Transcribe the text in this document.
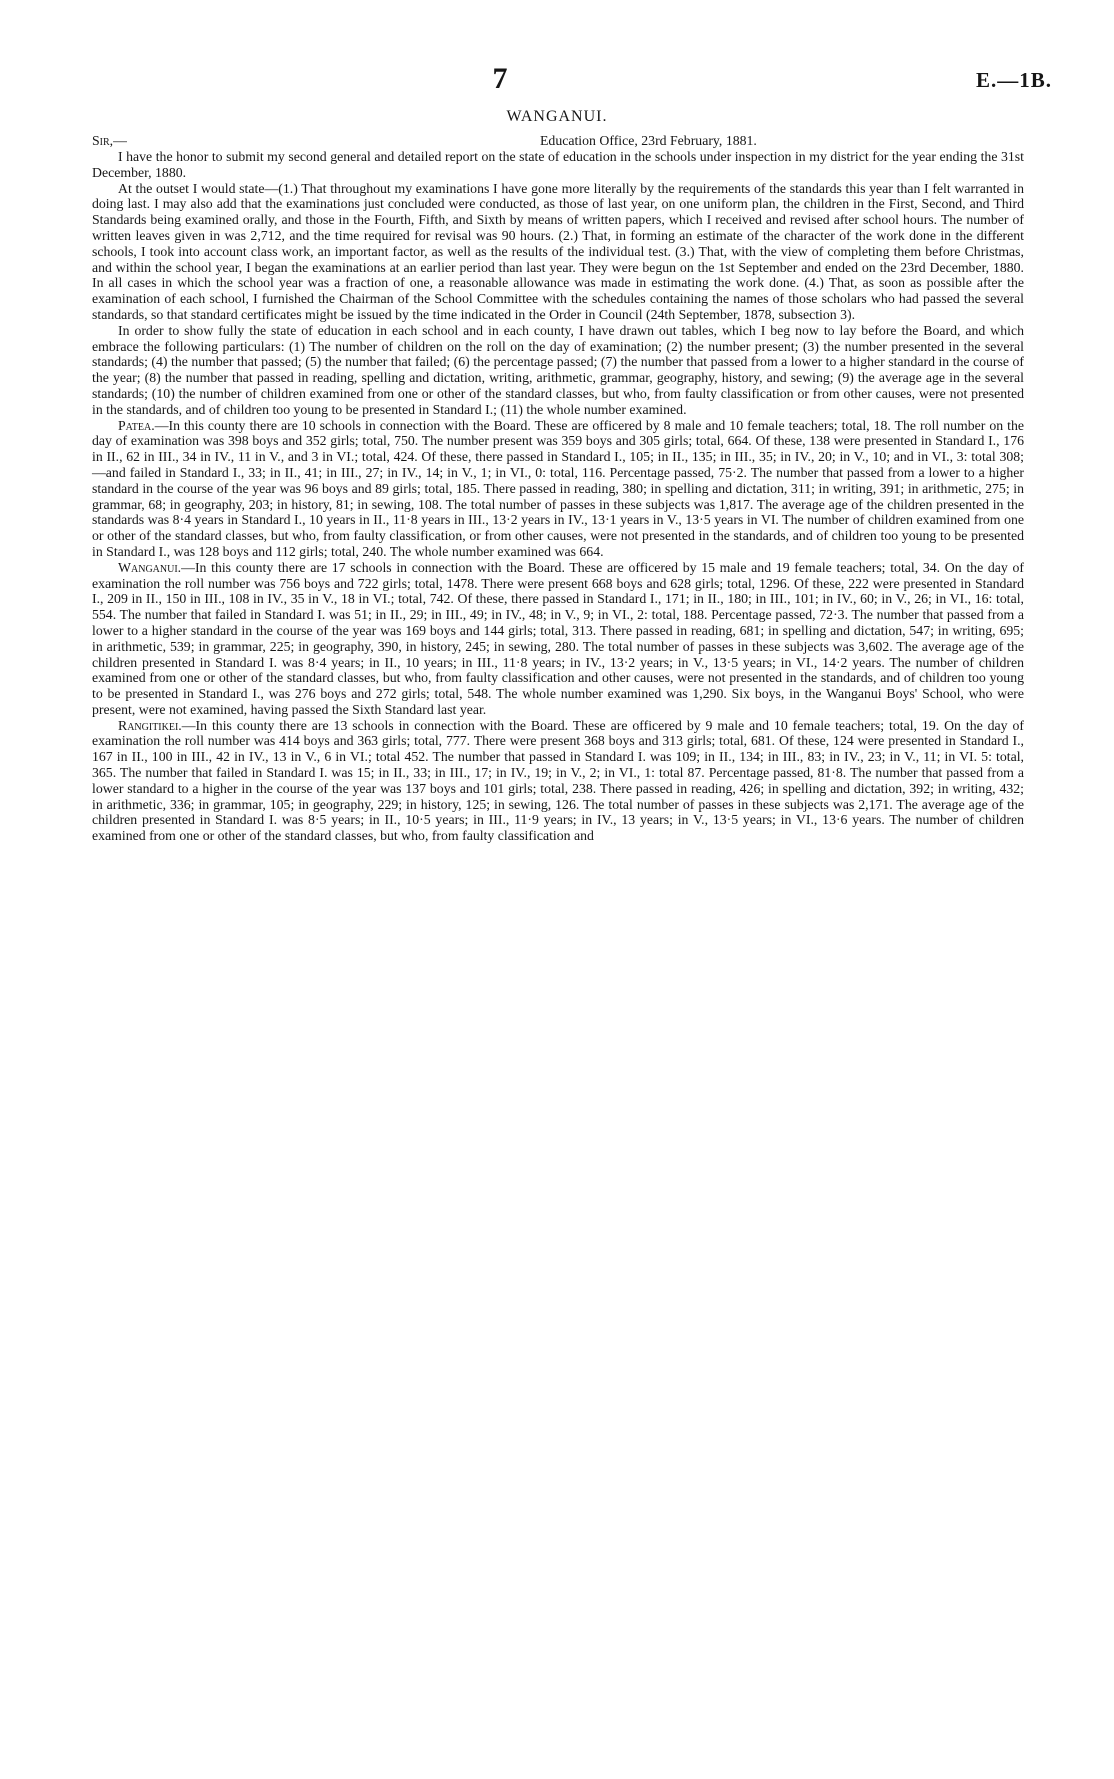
7	E.—1B.
WANGANUI.
Sir,—	Education Office, 23rd February, 1881.

I have the honor to submit my second general and detailed report on the state of education in the schools under inspection in my district for the year ending the 31st December, 1880.

At the outset I would state—(1.) That throughout my examinations I have gone more literally by the requirements of the standards this year than I felt warranted in doing last. I may also add that the examinations just concluded were conducted, as those of last year, on one uniform plan, the children in the First, Second, and Third Standards being examined orally, and those in the Fourth, Fifth, and Sixth by means of written papers, which I received and revised after school hours. The number of written leaves given in was 2,712, and the time required for revisal was 90 hours. (2.) That, in forming an estimate of the character of the work done in the different schools, I took into account class work, an important factor, as well as the results of the individual test. (3.) That, with the view of completing them before Christmas, and within the school year, I began the examinations at an earlier period than last year. They were begun on the 1st September and ended on the 23rd December, 1880. In all cases in which the school year was a fraction of one, a reasonable allowance was made in estimating the work done. (4.) That, as soon as possible after the examination of each school, I furnished the Chairman of the School Committee with the schedules containing the names of those scholars who had passed the several standards, so that standard certificates might be issued by the time indicated in the Order in Council (24th September, 1878, subsection 3).

In order to show fully the state of education in each school and in each county, I have drawn out tables, which I beg now to lay before the Board, and which embrace the following particulars: (1) The number of children on the roll on the day of examination; (2) the number present; (3) the number presented in the several standards; (4) the number that passed; (5) the number that failed; (6) the percentage passed; (7) the number that passed from a lower to a higher standard in the course of the year; (8) the number that passed in reading, spelling and dictation, writing, arithmetic, grammar, geography, history, and sewing; (9) the average age in the several standards; (10) the number of children examined from one or other of the standard classes, but who, from faulty classification or from other causes, were not presented in the standards, and of children too young to be presented in Standard I.; (11) the whole number examined.

Patea.—In this county there are 10 schools in connection with the Board. These are officered by 8 male and 10 female teachers; total, 18. The roll number on the day of examination was 398 boys and 352 girls; total, 750. The number present was 359 boys and 305 girls; total, 664. Of these, 138 were presented in Standard I., 176 in II., 62 in III., 34 in IV., 11 in V., and 3 in VI.; total, 424. Of these, there passed in Standard I., 105; in II., 135; in III., 35; in IV., 20; in V., 10; and in VI., 3: total 308;—and failed in Standard I., 33; in II., 41; in III., 27; in IV., 14; in V., 1; in VI., 0: total, 116. Percentage passed, 75·2. The number that passed from a lower to a higher standard in the course of the year was 96 boys and 89 girls; total, 185. There passed in reading, 380; in spelling and dictation, 311; in writing, 391; in arithmetic, 275; in grammar, 68; in geography, 203; in history, 81; in sewing, 108. The total number of passes in these subjects was 1,817. The average age of the children presented in the standards was 8·4 years in Standard I., 10 years in II., 11·8 years in III., 13·2 years in IV., 13·1 years in V., 13·5 years in VI. The number of children examined from one or other of the standard classes, but who, from faulty classification, or from other causes, were not presented in the standards, and of children too young to be presented in Standard I., was 128 boys and 112 girls; total, 240. The whole number examined was 664.

Wanganui.—In this county there are 17 schools in connection with the Board. These are officered by 15 male and 19 female teachers; total, 34. On the day of examination the roll number was 756 boys and 722 girls; total, 1478. There were present 668 boys and 628 girls; total, 1296. Of these, 222 were presented in Standard I., 209 in II., 150 in III., 108 in IV., 35 in V., 18 in VI.; total, 742. Of these, there passed in Standard I., 171; in II., 180; in III., 101; in IV., 60; in V., 26; in VI., 16: total, 554. The number that failed in Standard I. was 51; in II., 29; in III., 49; in IV., 48; in V., 9; in VI., 2: total, 188. Percentage passed, 72·3. The number that passed from a lower to a higher standard in the course of the year was 169 boys and 144 girls; total, 313. There passed in reading, 681; in spelling and dictation, 547; in writing, 695; in arithmetic, 539; in grammar, 225; in geography, 390, in history, 245; in sewing, 280. The total number of passes in these subjects was 3,602. The average age of the children presented in Standard I. was 8·4 years; in II., 10 years; in III., 11·8 years; in IV., 13·2 years; in V., 13·5 years; in VI., 14·2 years. The number of children examined from one or other of the standard classes, but who, from faulty classification and other causes, were not presented in the standards, and of children too young to be presented in Standard I., was 276 boys and 272 girls; total, 548. The whole number examined was 1,290. Six boys, in the Wanganui Boys' School, who were present, were not examined, having passed the Sixth Standard last year.

Rangitikei.—In this county there are 13 schools in connection with the Board. These are officered by 9 male and 10 female teachers; total, 19. On the day of examination the roll number was 414 boys and 363 girls; total, 777. There were present 368 boys and 313 girls; total, 681. Of these, 124 were presented in Standard I., 167 in II., 100 in III., 42 in IV., 13 in V., 6 in VI.; total 452. The number that passed in Standard I. was 109; in II., 134; in III., 83; in IV., 23; in V., 11; in VI. 5: total, 365. The number that failed in Standard I. was 15; in II., 33; in III., 17; in IV., 19; in V., 2; in VI., 1: total 87. Percentage passed, 81·8. The number that passed from a lower standard to a higher in the course of the year was 137 boys and 101 girls; total, 238. There passed in reading, 426; in spelling and dictation, 392; in writing, 432; in arithmetic, 336; in grammar, 105; in geography, 229; in history, 125; in sewing, 126. The total number of passes in these subjects was 2,171. The average age of the children presented in Standard I. was 8·5 years; in II., 10·5 years; in III., 11·9 years; in IV., 13 years; in V., 13·5 years; in VI., 13·6 years. The number of children examined from one or other of the standard classes, but who, from faulty classification and
